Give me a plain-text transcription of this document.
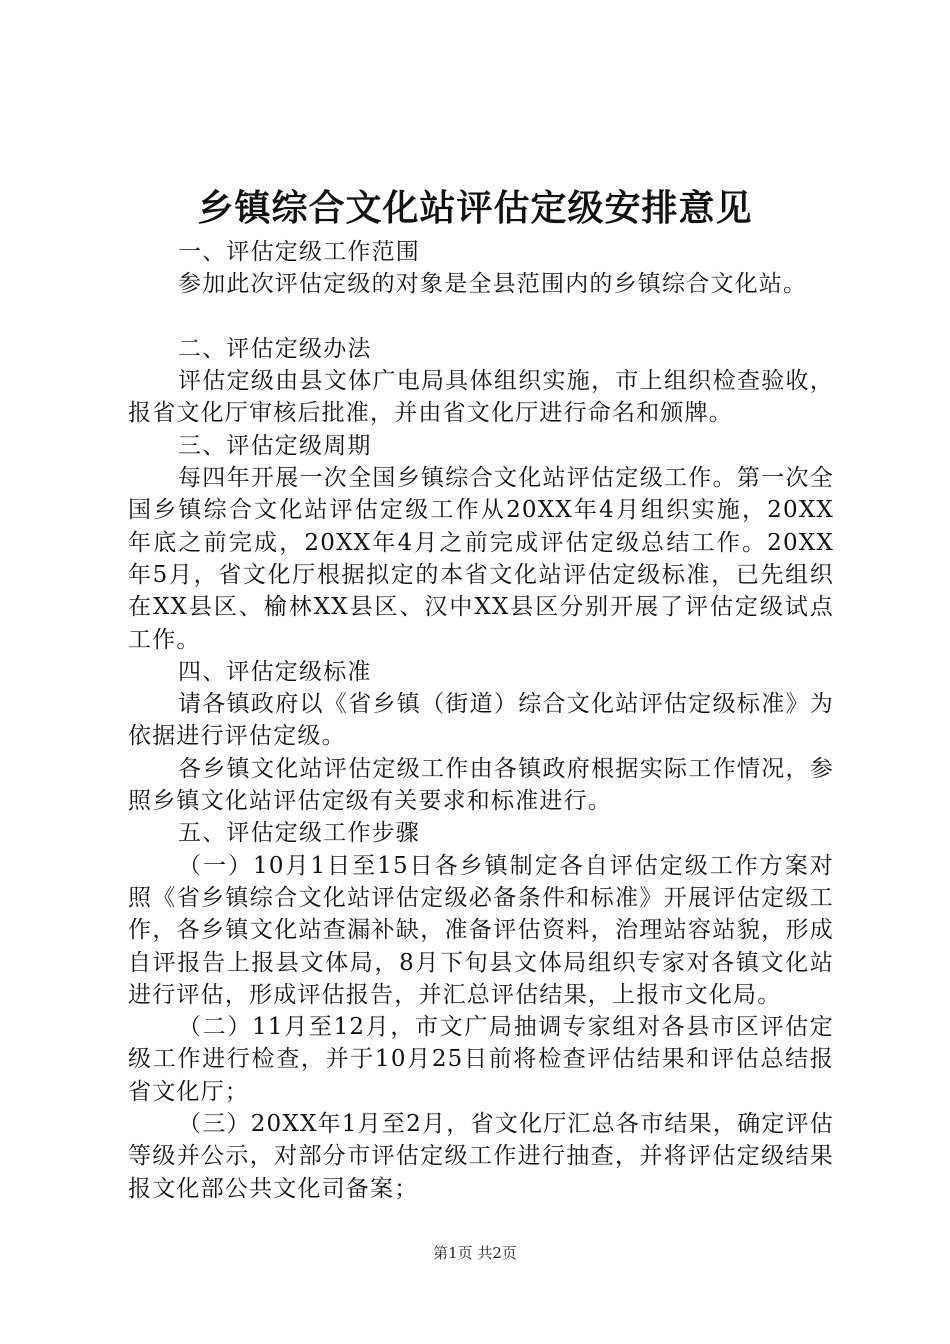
乡镇综合文化站评估定级安排意见

一、评估定级工作范围

参加此次评估定级的对象是全县范围内的乡镇综合文化站。

二、评估定级办法

评估定级由县文体广电局具体组织实施，市上组织检查验收，报省文化厅审核后批准，并由省文化厅进行命名和颁牌。

三、评估定级周期

每四年开展一次全国乡镇综合文化站评估定级工作。第一次全国乡镇综合文化站评估定级工作从20XX年4月组织实施，20XX年底之前完成，20XX年4月之前完成评估定级总结工作。20XX年5月，省文化厅根据拟定的本省文化站评估定级标准，已先组织在XX县区、榆林XX县区、汉中XX县区分别开展了评估定级试点工作。

四、评估定级标准

请各镇政府以《省乡镇（街道）综合文化站评估定级标准》为依据进行评估定级。

各乡镇文化站评估定级工作由各镇政府根据实际工作情况，参照乡镇文化站评估定级有关要求和标准进行。

五、评估定级工作步骤

（一）10月1日至15日各乡镇制定各自评估定级工作方案对照《省乡镇综合文化站评估定级必备条件和标准》开展评估定级工作，各乡镇文化站查漏补缺，准备评估资料，治理站容站貌，形成自评报告上报县文体局，8月下旬县文体局组织专家对各镇文化站进行评估，形成评估报告，并汇总评估结果，上报市文化局。

（二）11月至12月，市文广局抽调专家组对各县市区评估定级工作进行检查，并于10月25日前将检查评估结果和评估总结报省文化厅；

（三）20XX年1月至2月，省文化厅汇总各市结果，确定评估等级并公示，对部分市评估定级工作进行抽查，并将评估定级结果报文化部公共文化司备案；

第1页 共2页
